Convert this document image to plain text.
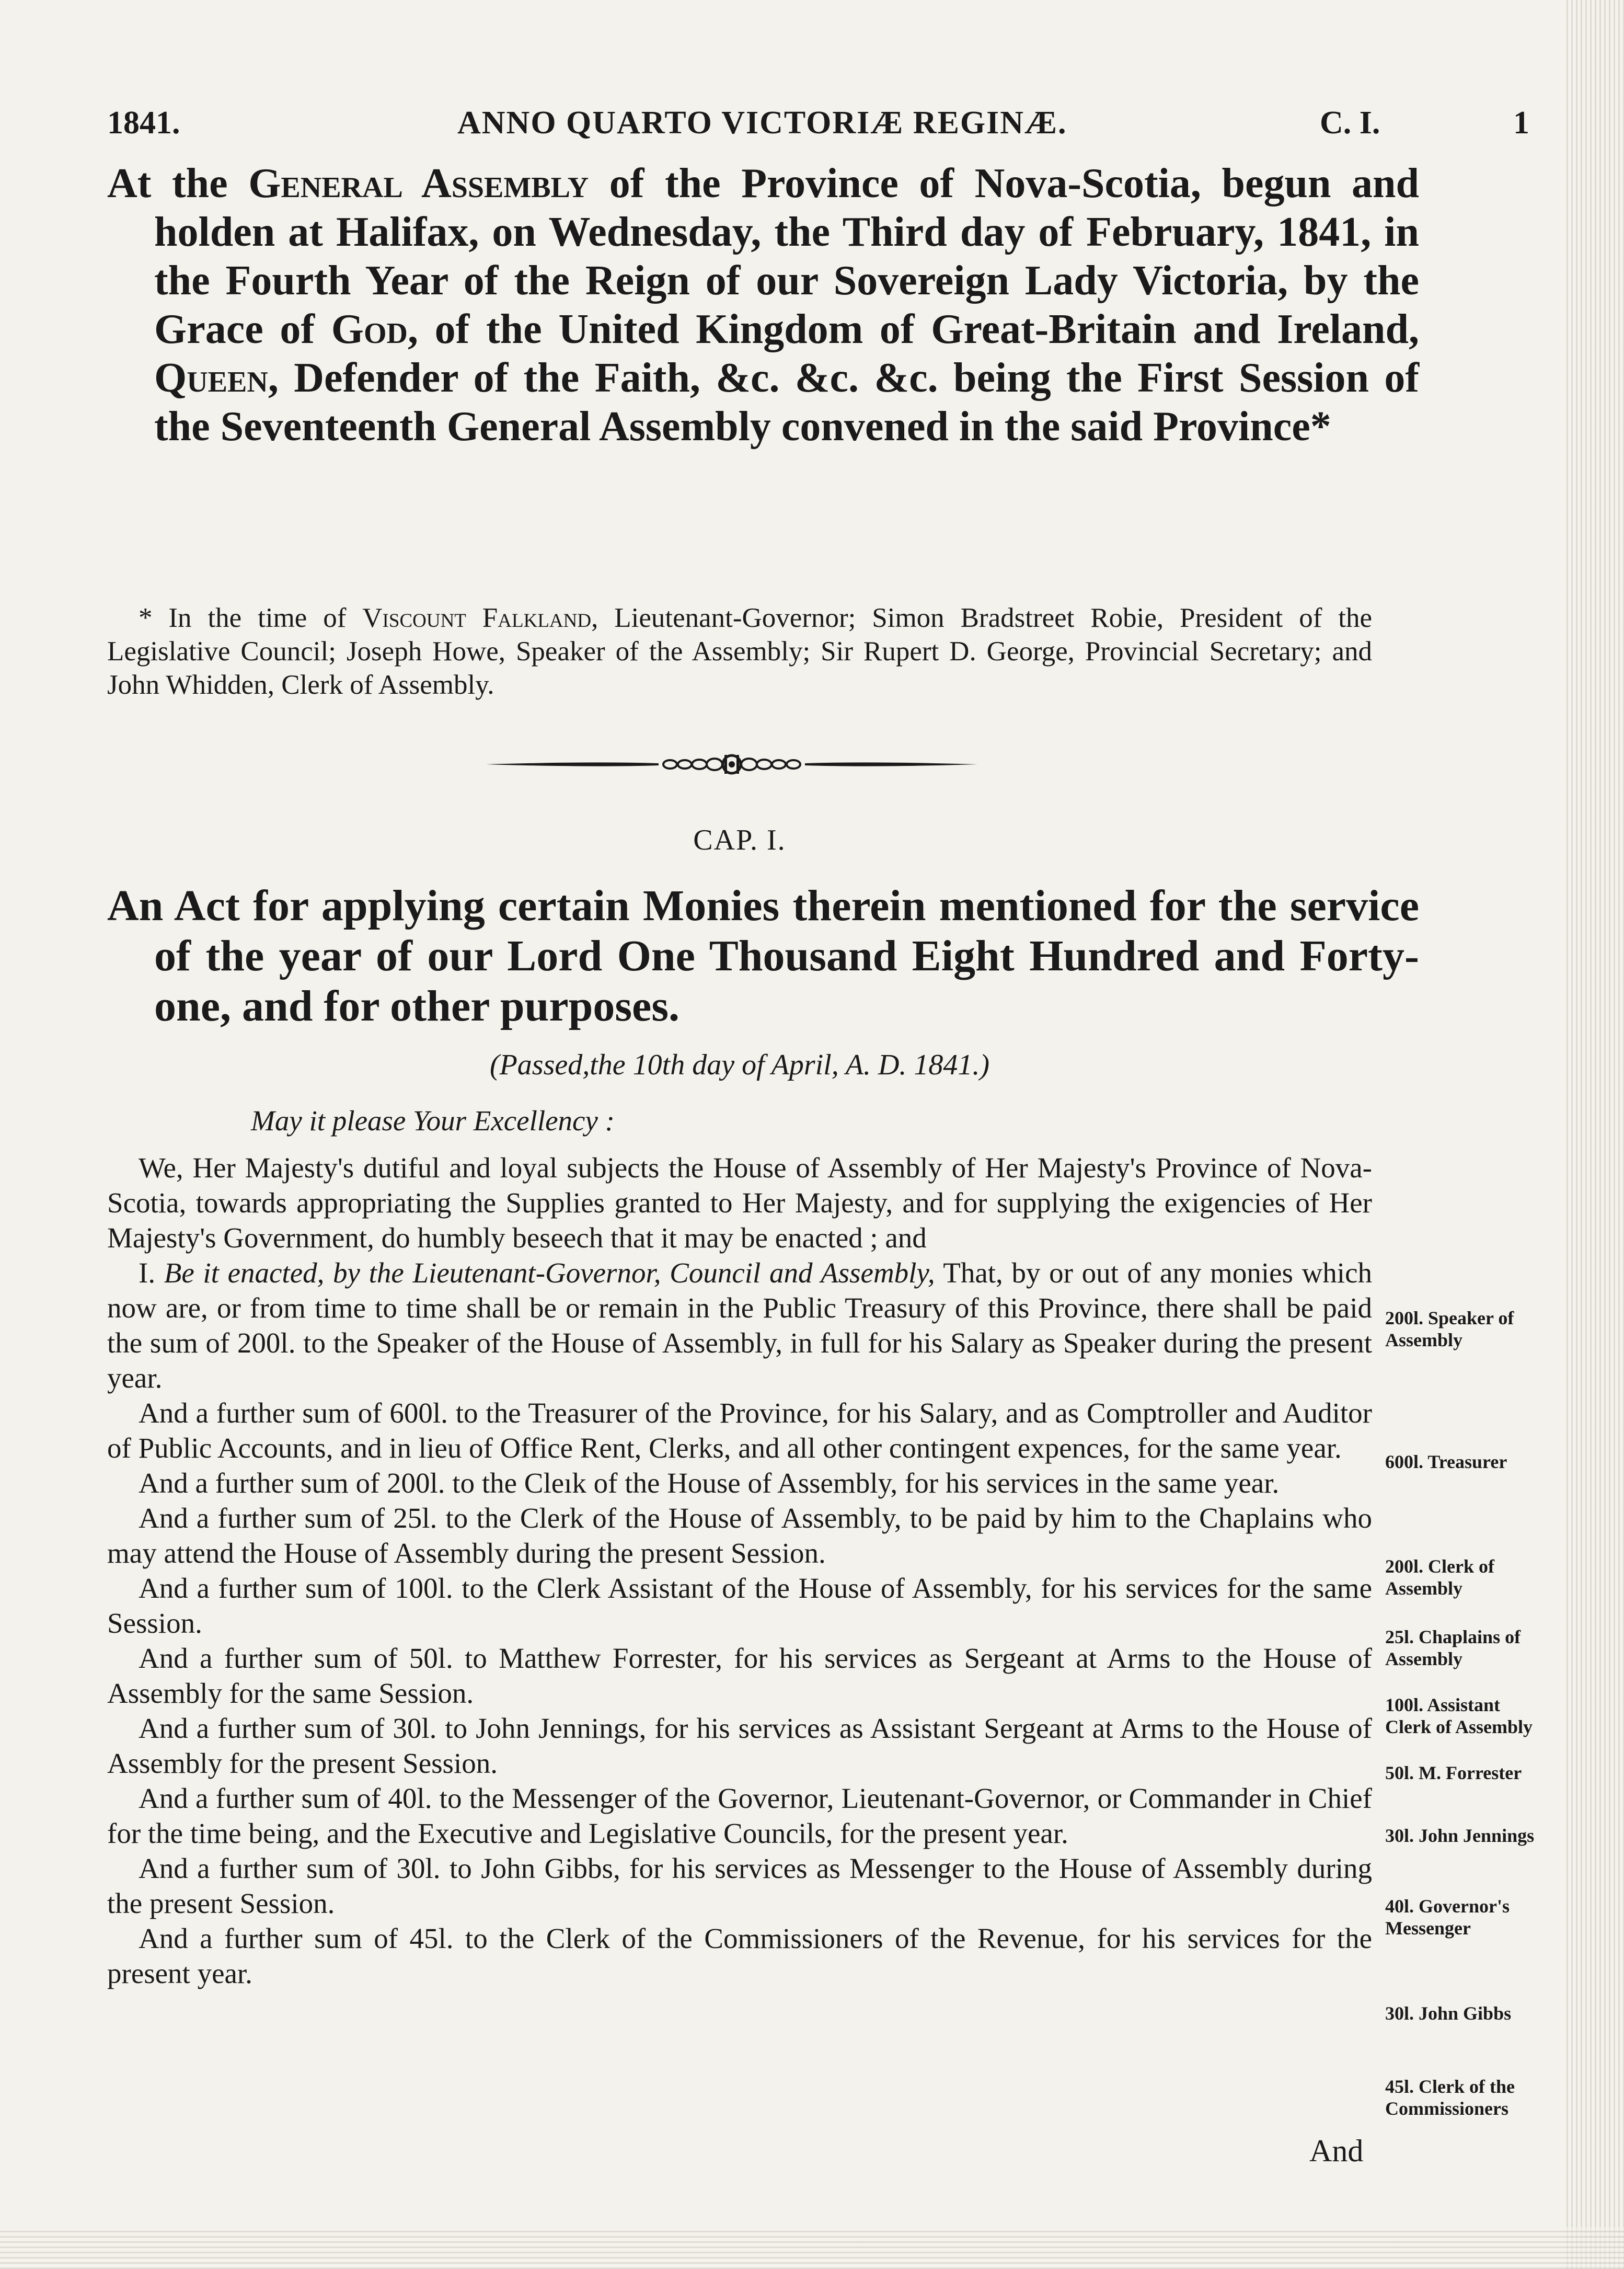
1841.	ANNO QUARTO VICTORIÆ REGINÆ.	C. I.	1
At the General Assembly of the Province of Nova-Scotia, begun and holden at Halifax, on Wednesday, the Third day of February, 1841, in the Fourth Year of the Reign of our Sovereign Lady Victoria, by the Grace of God, of the United Kingdom of Great-Britain and Ireland, Queen, Defender of the Faith, &c. &c. &c. being the First Session of the Seventeenth General Assembly convened in the said Province*
* In the time of Viscount Falkland, Lieutenant-Governor; Simon Bradstreet Robie, President of the Legislative Council; Joseph Howe, Speaker of the Assembly; Sir Rupert D. George, Provincial Secretary; and John Whidden, Clerk of Assembly.
CAP. I.
An Act for applying certain Monies therein mentioned for the service of the year of our Lord One Thousand Eight Hundred and Forty-one, and for other purposes.
(Passed,the 10th day of April, A. D. 1841.)
May it please Your Excellency :

We, Her Majesty's dutiful and loyal subjects the House of Assembly of Her Majesty's Province of Nova-Scotia, towards appropriating the Supplies granted to Her Majesty, and for supplying the exigencies of Her Majesty's Government, do humbly beseech that it may be enacted ; and

I. Be it enacted, by the Lieutenant-Governor, Council and Assembly, That, by or out of any monies which now are, or from time to time shall be or remain in the Public Treasury of this Province, there shall be paid the sum of 200l. to the Speaker of the House of Assembly, in full for his Salary as Speaker during the present year.

And a further sum of 600l. to the Treasurer of the Province, for his Salary, and as Comptroller and Auditor of Public Accounts, and in lieu of Office Rent, Clerks, and all other contingent expences, for the same year.

And a further sum of 200l. to the Cleık of the House of Assembly, for his services in the same year.

And a further sum of 25l. to the Clerk of the House of Assembly, to be paid by him to the Chaplains who may attend the House of Assembly during the present Session.

And a further sum of 100l. to the Clerk Assistant of the House of Assembly, for his services for the same Session.

And a further sum of 50l. to Matthew Forrester, for his services as Sergeant at Arms to the House of Assembly for the same Session.

And a further sum of 30l. to John Jennings, for his services as Assistant Sergeant at Arms to the House of Assembly for the present Session.

And a further sum of 40l. to the Messenger of the Governor, Lieutenant-Governor, or Commander in Chief for the time being, and the Executive and Legislative Councils, for the present year.

And a further sum of 30l. to John Gibbs, for his services as Messenger to the House of Assembly during the present Session.

And a further sum of 45l. to the Clerk of the Commissioners of the Revenue, for his services for the present year.

And
200l. Speaker of Assembly
600l. Treasurer
200l. Clerk of Assembly
25l. Chaplains of Assembly
100l. Assistant Clerk of Assembly
50l. M. Forrester
30l. John Jennings
40l. Governor's Messenger
30l. John Gibbs
45l. Clerk of the Commissioners
